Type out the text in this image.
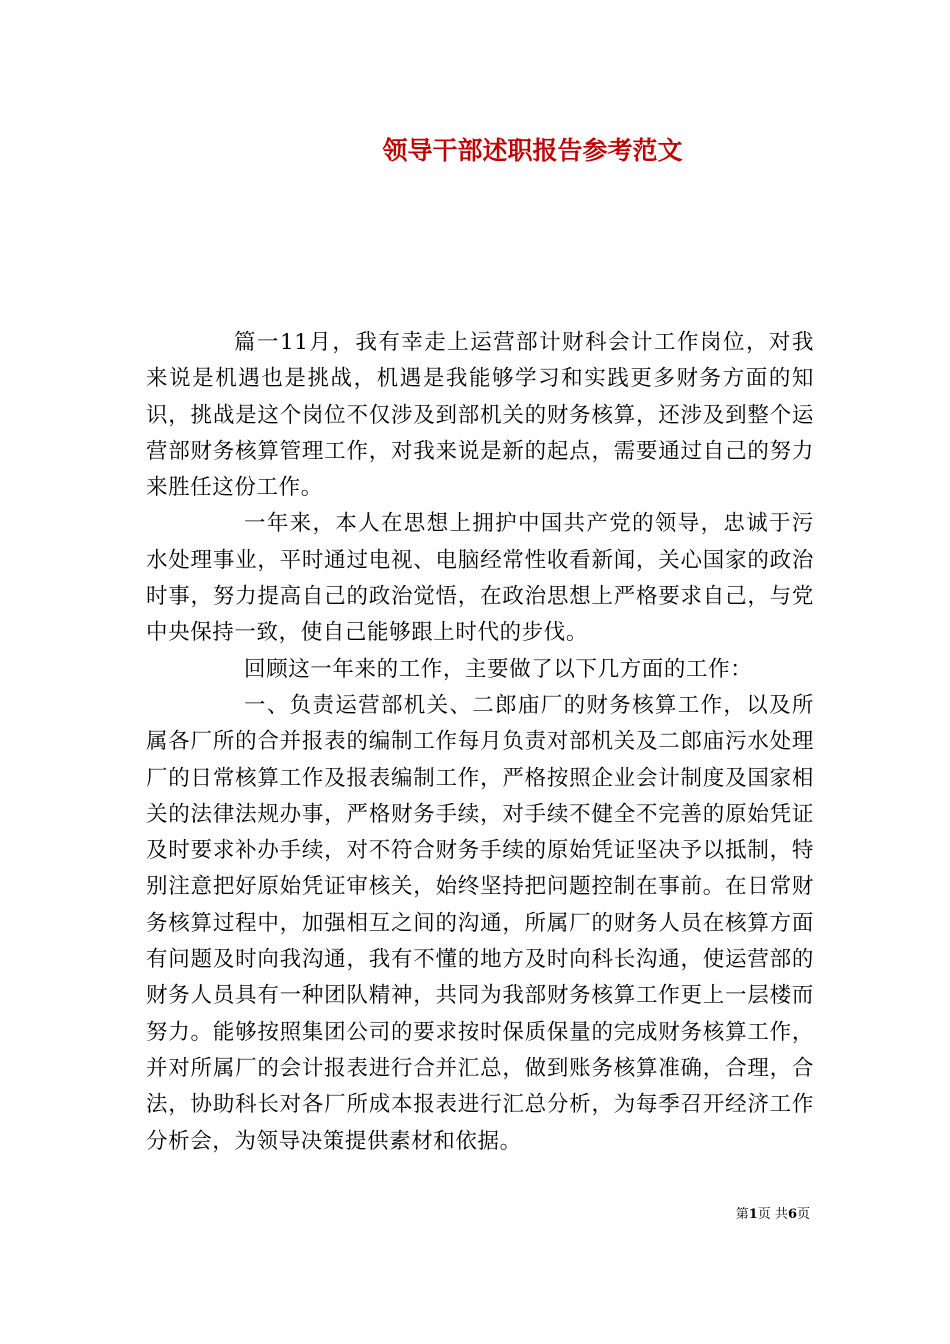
领导干部述职报告参考范文

篇一11月，我有幸走上运营部计财科会计工作岗位，对我来说是机遇也是挑战，机遇是我能够学习和实践更多财务方面的知识，挑战是这个岗位不仅涉及到部机关的财务核算，还涉及到整个运营部财务核算管理工作，对我来说是新的起点，需要通过自己的努力来胜任这份工作。

一年来，本人在思想上拥护中国共产党的领导，忠诚于污水处理事业，平时通过电视、电脑经常性收看新闻，关心国家的政治时事，努力提高自己的政治觉悟，在政治思想上严格要求自己，与党中央保持一致，使自己能够跟上时代的步伐。

回顾这一年来的工作，主要做了以下几方面的工作：

一、负责运营部机关、二郎庙厂的财务核算工作，以及所属各厂所的合并报表的编制工作每月负责对部机关及二郎庙污水处理厂的日常核算工作及报表编制工作，严格按照企业会计制度及国家相关的法律法规办事，严格财务手续，对手续不健全不完善的原始凭证及时要求补办手续，对不符合财务手续的原始凭证坚决予以抵制，特别注意把好原始凭证审核关，始终坚持把问题控制在事前。在日常财务核算过程中，加强相互之间的沟通，所属厂的财务人员在核算方面有问题及时向我沟通，我有不懂的地方及时向科长沟通，使运营部的财务人员具有一种团队精神，共同为我部财务核算工作更上一层楼而努力。能够按照集团公司的要求按时保质保量的完成财务核算工作，并对所属厂的会计报表进行合并汇总，做到账务核算准确，合理，合法，协助科长对各厂所成本报表进行汇总分析，为每季召开经济工作分析会，为领导决策提供素材和依据。

第1页 共6页
